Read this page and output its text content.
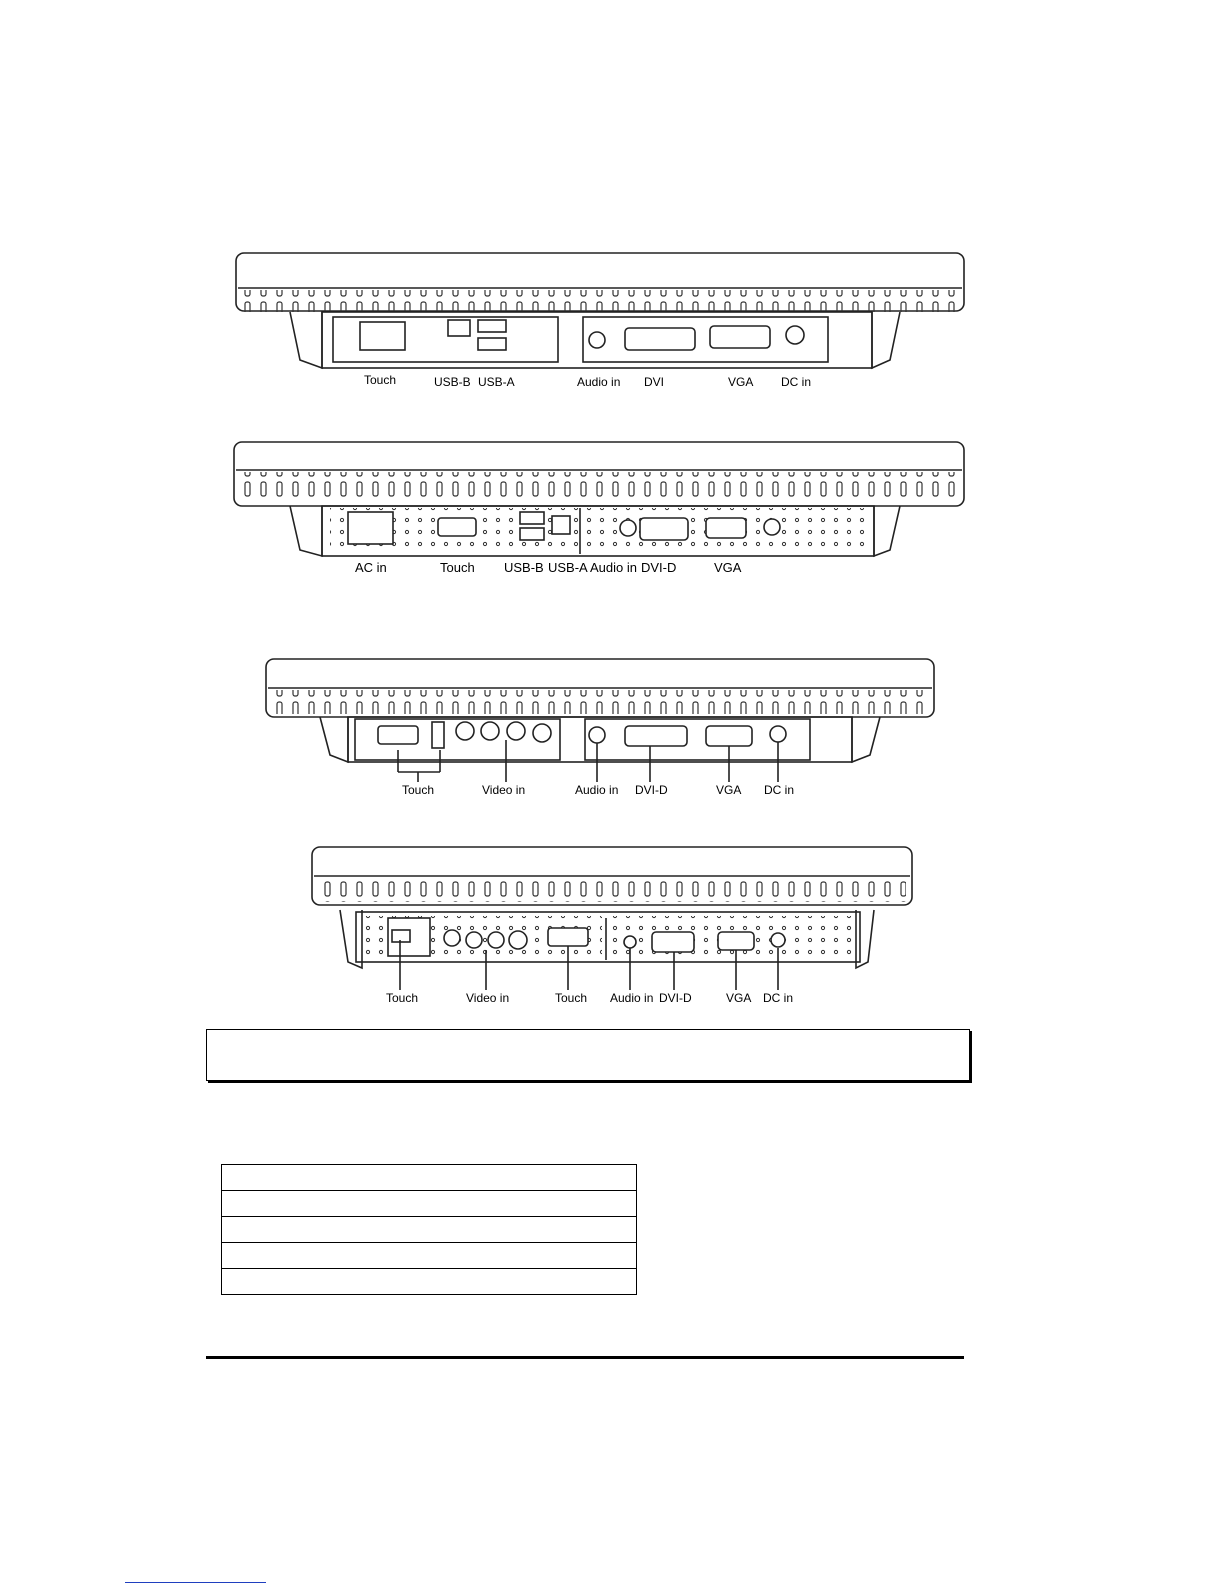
Touch	USB-B USB-A	Audio in DVI	VGA DC in
AC in	Touch USB-B USB-A Audio in DVI-D	VGA
Touch	Video in	Audio in DVI-D	VGA DC in
Touch	Video in	Touch Audio in DVI-D	VGA DC in
